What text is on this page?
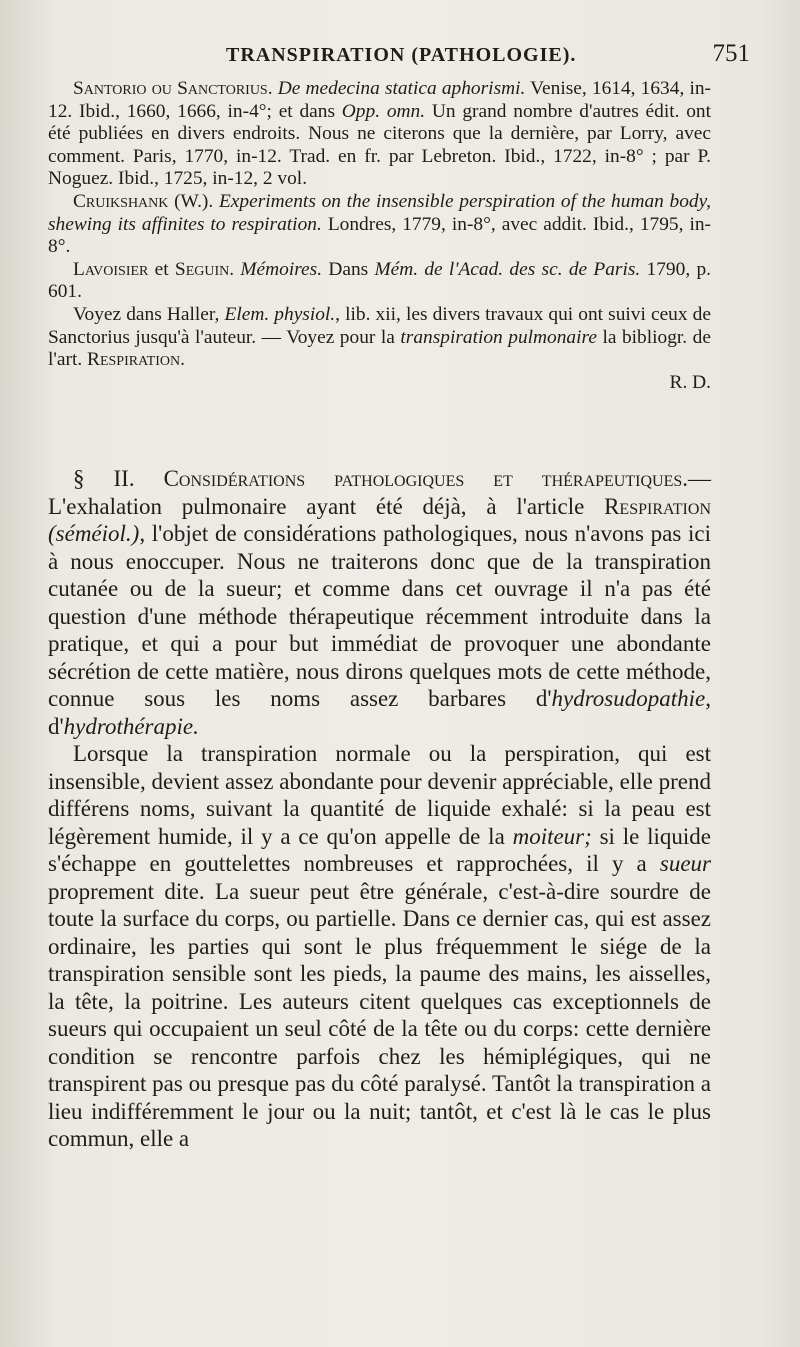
TRANSPIRATION (PATHOLOGIE).	751

Santorio ou Sanctorius. De medecina statica aphorismi. Venise, 1614, 1634, in-12. Ibid., 1660, 1666, in-4°; et dans Opp. omn. Un grand nombre d'autres édit. ont été publiées en divers endroits. Nous ne citerons que la dernière, par Lorry, avec comment. Paris, 1770, in-12. Trad. en fr. par Lebreton. Ibid., 1722, in-8° ; par P. Noguez. Ibid., 1725, in-12, 2 vol.

Cruikshank (W.). Experiments on the insensible perspiration of the human body, shewing its affinites to respiration. Londres, 1779, in-8°, avec addit. Ibid., 1795, in-8°.

Lavoisier et Seguin. Mémoires. Dans Mém. de l'Acad. des sc. de Paris. 1790, p. 601.

Voyez dans Haller, Elem. physiol., lib. xii, les divers travaux qui ont suivi ceux de Sanctorius jusqu'à l'auteur. — Voyez pour la transpiration pulmonaire la bibliogr. de l'art. Respiration.

R. D.

§ II. Considérations pathologiques et thérapeutiques.— L'exhalation pulmonaire ayant été déjà, à l'article Respiration (séméiol.), l'objet de considérations pathologiques, nous n'avons pas ici à nous enoccuper. Nous ne traiterons donc que de la transpiration cutanée ou de la sueur; et comme dans cet ouvrage il n'a pas été question d'une méthode thérapeutique récemment introduite dans la pratique, et qui a pour but immédiat de provoquer une abondante sécrétion de cette matière, nous dirons quelques mots de cette méthode, connue sous les noms assez barbares d'hydrosudopathie, d'hydrothérapie.

Lorsque la transpiration normale ou la perspiration, qui est insensible, devient assez abondante pour devenir appréciable, elle prend différens noms, suivant la quantité de liquide exhalé: si la peau est légèrement humide, il y a ce qu'on appelle de la moiteur; si le liquide s'échappe en gouttelettes nombreuses et rapprochées, il y a sueur proprement dite. La sueur peut être générale, c'est-à-dire sourdre de toute la surface du corps, ou partielle. Dans ce dernier cas, qui est assez ordinaire, les parties qui sont le plus fréquemment le siége de la transpiration sensible sont les pieds, la paume des mains, les aisselles, la tête, la poitrine. Les auteurs citent quelques cas exceptionnels de sueurs qui occupaient un seul côté de la tête ou du corps: cette dernière condition se rencontre parfois chez les hémiplégiques, qui ne transpirent pas ou presque pas du côté paralysé. Tantôt la transpiration a lieu indifféremment le jour ou la nuit; tantôt, et c'est là le cas le plus commun, elle a
